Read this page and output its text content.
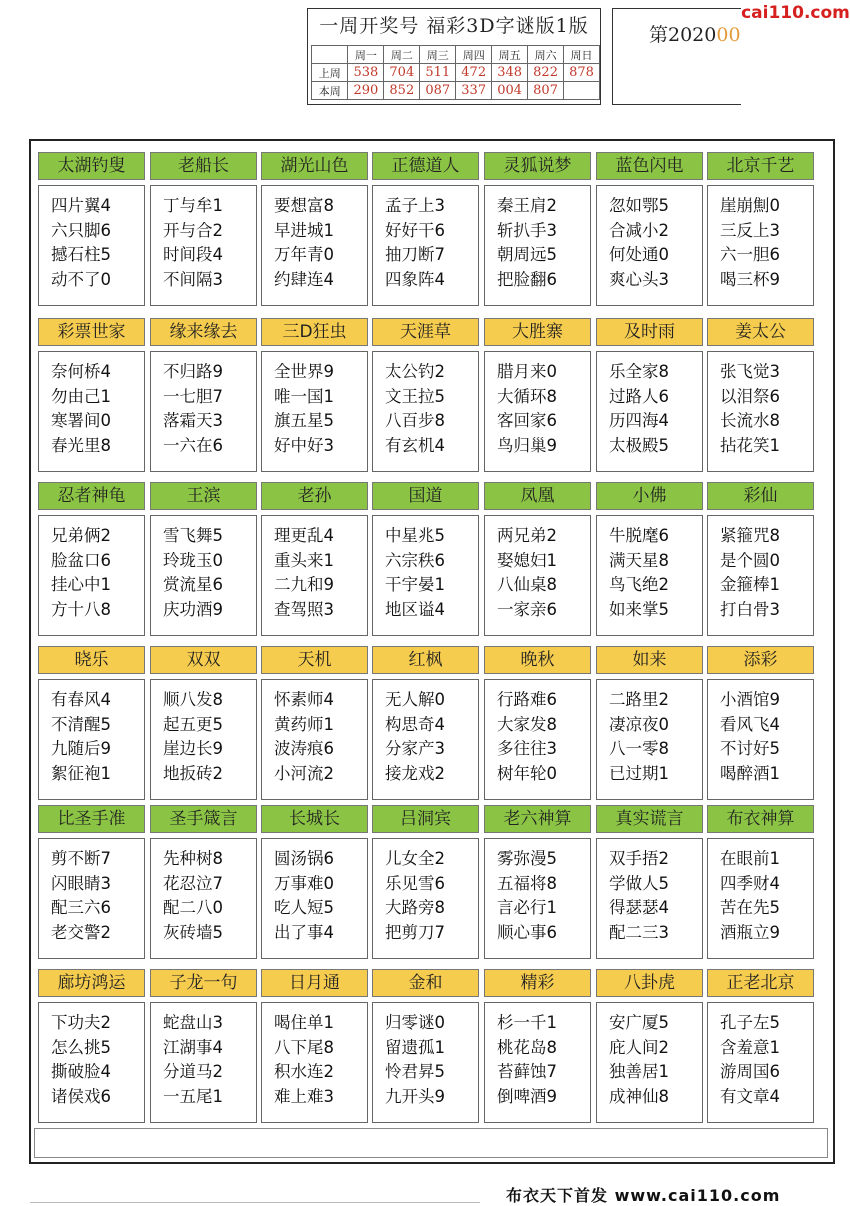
一周开奖号 福彩3D字谜版1版
	周一	周二	周三	周四	周五	周六	周日
上周	538	704	511	472	348	822	878
本周	290	852	087	337	004	807	
第202000
cai110.com
太湖钓叟
四片翼4
六只脚6
撼石柱5
动不了0
老船长
丁与牟1
开与合2
时间段4
不间隔3
湖光山色
要想富8
早进城1
万年青0
约肆连4
正德道人
孟子上3
好好干6
抽刀断7
四象阵4
灵狐说梦
秦王肩2
斩扒手3
朝周远5
把脸翻6
蓝色闪电
忽如鄂5
合减小2
何处通0
爽心头3
北京千艺
崖崩劁0
三反上3
六一胆6
喝三杯9
彩票世家
奈何桥4
勿由己1
寒署间0
春光里8
缘来缘去
不归路9
一七胆7
落霜天3
一六在6
三D狂虫
全世界9
唯一国1
旗五星5
好中好3
天涯草
太公钓2
文王拉5
八百步8
有玄机4
大胜寨
腊月来0
大循环8
客回家6
鸟归巢9
及时雨
乐全家8
过路人6
历四海4
太极殿5
姜太公
张飞觉3
以泪祭6
长流水8
拈花笑1
忍者神龟
兄弟俩2
脸盆口6
挂心中1
方十八8
王滨
雪飞舞5
玲珑玉0
赏流星6
庆功酒9
老孙
理更乱4
重头来1
二九和9
查驾照3
国道
中星兆5
六宗秩6
干宇晏1
地区谥4
凤凰
两兄弟2
娶媳妇1
八仙桌8
一家亲6
小佛
牛脱麾6
满天星8
鸟飞绝2
如来掌5
彩仙
紧箍咒8
是个圆0
金箍棒1
打白骨3
晓乐
有春风4
不清醒5
九随后9
絮征袍1
双双
顺八发8
起五更5
崖边长9
地扳砖2
天机
怀素师4
黄药师1
波涛痕6
小河流2
红枫
无人解0
构思奇4
分家产3
接龙戏2
晚秋
行路难6
大家发8
多往往3
树年轮0
如来
二路里2
凄凉夜0
八一零8
已过期1
添彩
小酒馆9
看风飞4
不讨好5
喝醉酒1
比圣手准
剪不断7
闪眼睛3
配三六6
老交警2
圣手箴言
先种树8
花忍泣7
配二八0
灰砖墙5
长城长
圆汤锅6
万事难0
吃人短5
出了事4
吕洞宾
儿女全2
乐见雪6
大路旁8
把剪刀7
老六神算
雾弥漫5
五福将8
言必行1
顺心事6
真实谎言
双手捂2
学做人5
得瑟瑟4
配二三3
布衣神算
在眼前1
四季财4
苦在先5
酒瓶立9
廊坊鸿运
下功夫2
怎么挑5
撕破脸4
诸侯戏6
子龙一句
蛇盘山3
江湖事4
分道马2
一五尾1
日月通
喝住单1
八下尾8
积水连2
难上难3
金和
归零谜0
留遗孤1
怜君昇5
九开头9
精彩
杉一千1
桃花岛8
苔藓蚀7
倒啤酒9
八卦虎
安广厦5
庇人间2
独善居1
成神仙8
正老北京
孔子左5
含羞意1
游周国6
有文章4
布衣天下首发 www.cai110.com
